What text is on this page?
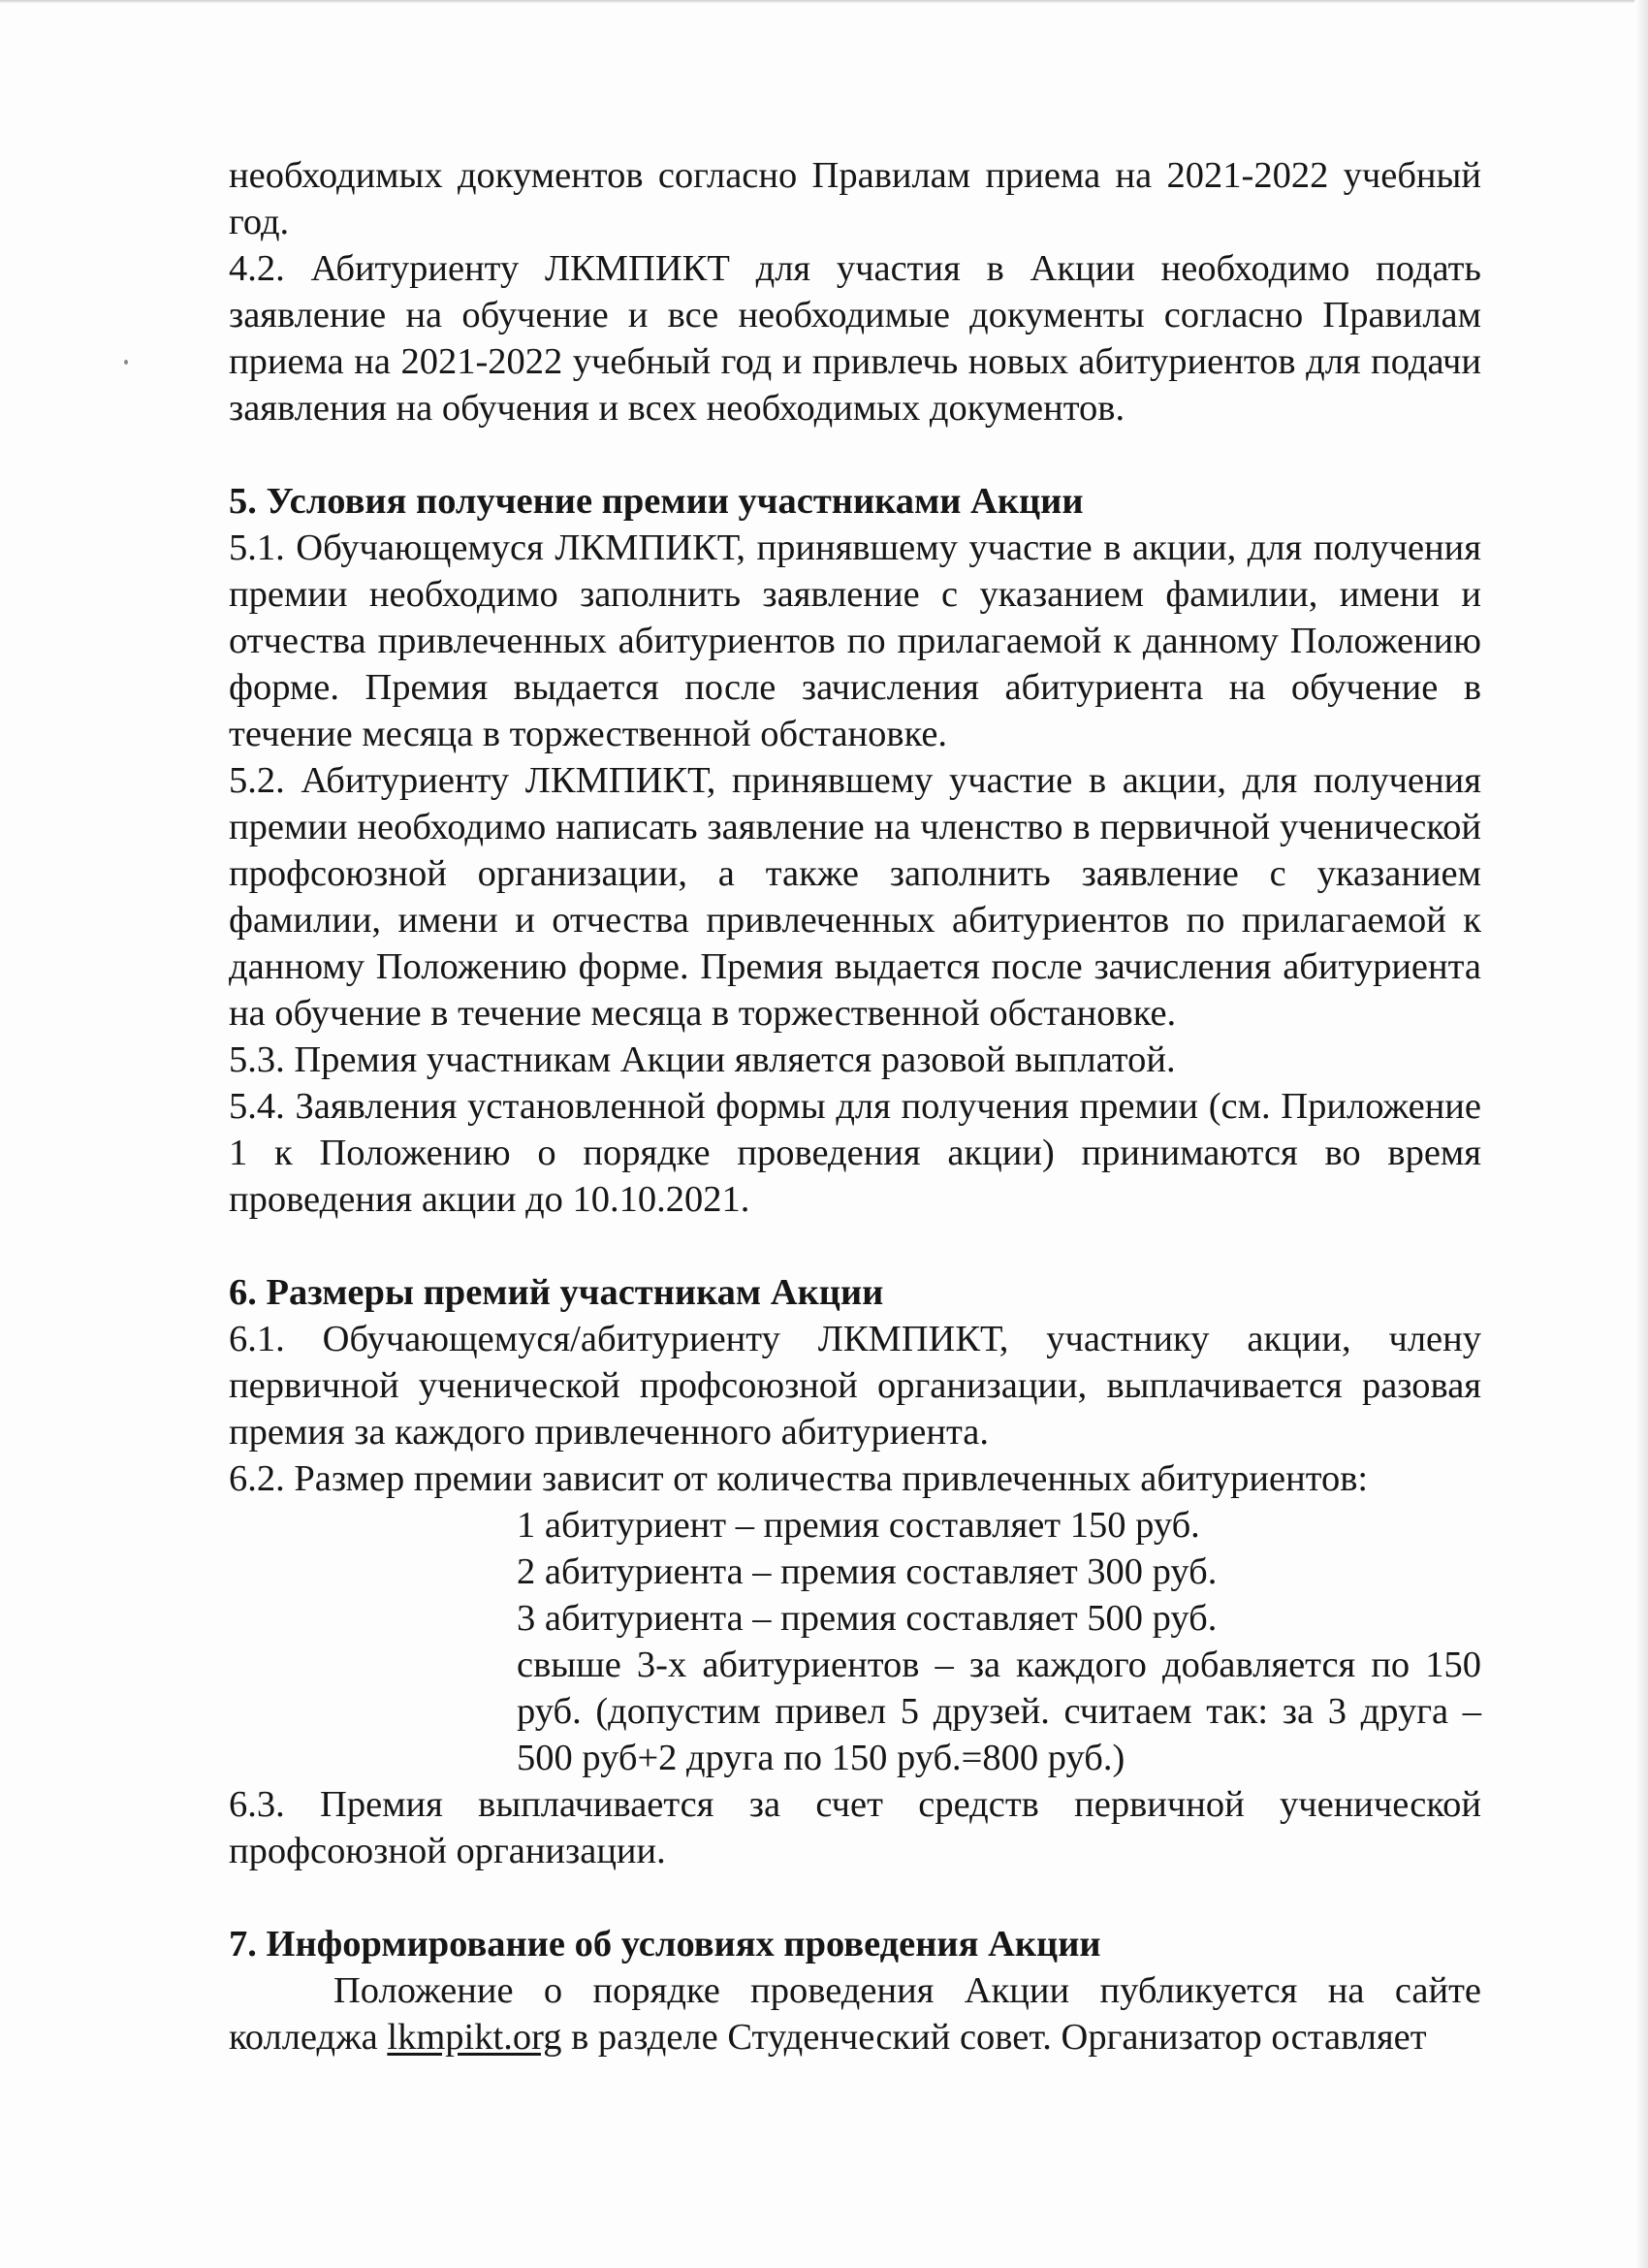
необходимых документов согласно Правилам приема на 2021-2022 учебный год.

4.2. Абитуриенту ЛКМПИКТ для участия в Акции необходимо подать заявление на обучение и все необходимые документы согласно Правилам приема на 2021-2022 учебный год и привлечь новых абитуриентов для подачи заявления на обучения и всех необходимых документов.

5. Условия получение премии участниками Акции

5.1. Обучающемуся ЛКМПИКТ, принявшему участие в акции, для получения премии необходимо заполнить заявление с указанием фамилии, имени и отчества привлеченных абитуриентов по прилагаемой к данному Положению форме. Премия выдается после зачисления абитуриента на обучение в течение месяца в торжественной обстановке.

5.2. Абитуриенту ЛКМПИКТ, принявшему участие в акции, для получения премии необходимо написать заявление на членство в первичной ученической профсоюзной организации, а также заполнить заявление с указанием фамилии, имени и отчества привлеченных абитуриентов по прилагаемой к данному Положению форме. Премия выдается после зачисления абитуриента на обучение в течение месяца в торжественной обстановке.

5.3. Премия участникам Акции является разовой выплатой.

5.4. Заявления установленной формы для получения премии (см. Приложение 1 к Положению о порядке проведения акции) принимаются во время проведения акции до 10.10.2021.

6. Размеры премий участникам Акции

6.1. Обучающемуся/абитуриенту ЛКМПИКТ, участнику акции, члену первичной ученической профсоюзной организации, выплачивается разовая премия за каждого привлеченного абитуриента.

6.2. Размер премии зависит от количества привлеченных абитуриентов:

1 абитуриент – премия составляет 150 руб.

2 абитуриента – премия составляет 300 руб.

3 абитуриента – премия составляет 500 руб.

свыше 3-х абитуриентов – за каждого добавляется по 150 руб. (допустим привел 5 друзей. считаем так: за 3 друга – 500 руб+2 друга по 150 руб.=800 руб.)

6.3. Премия выплачивается за счет средств первичной ученической профсоюзной организации.

7. Информирование об условиях проведения Акции

Положение о порядке проведения Акции публикуется на сайте колледжа lkmpikt.org в разделе Студенческий совет. Организатор оставляет
